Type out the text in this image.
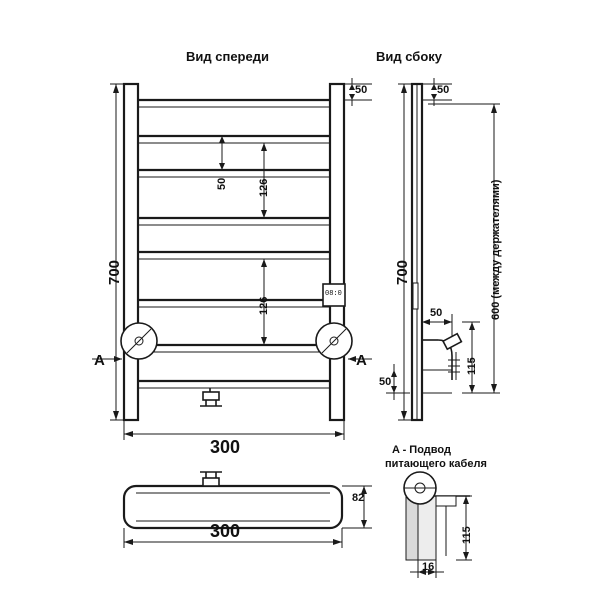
Вид спереди	Вид сбоку
700
300
50
50	126
126
A	A
08:0
700
50
50
50
115
600 (между держателями)
300
82
A - Подвод
питающего кабеля
115
16
